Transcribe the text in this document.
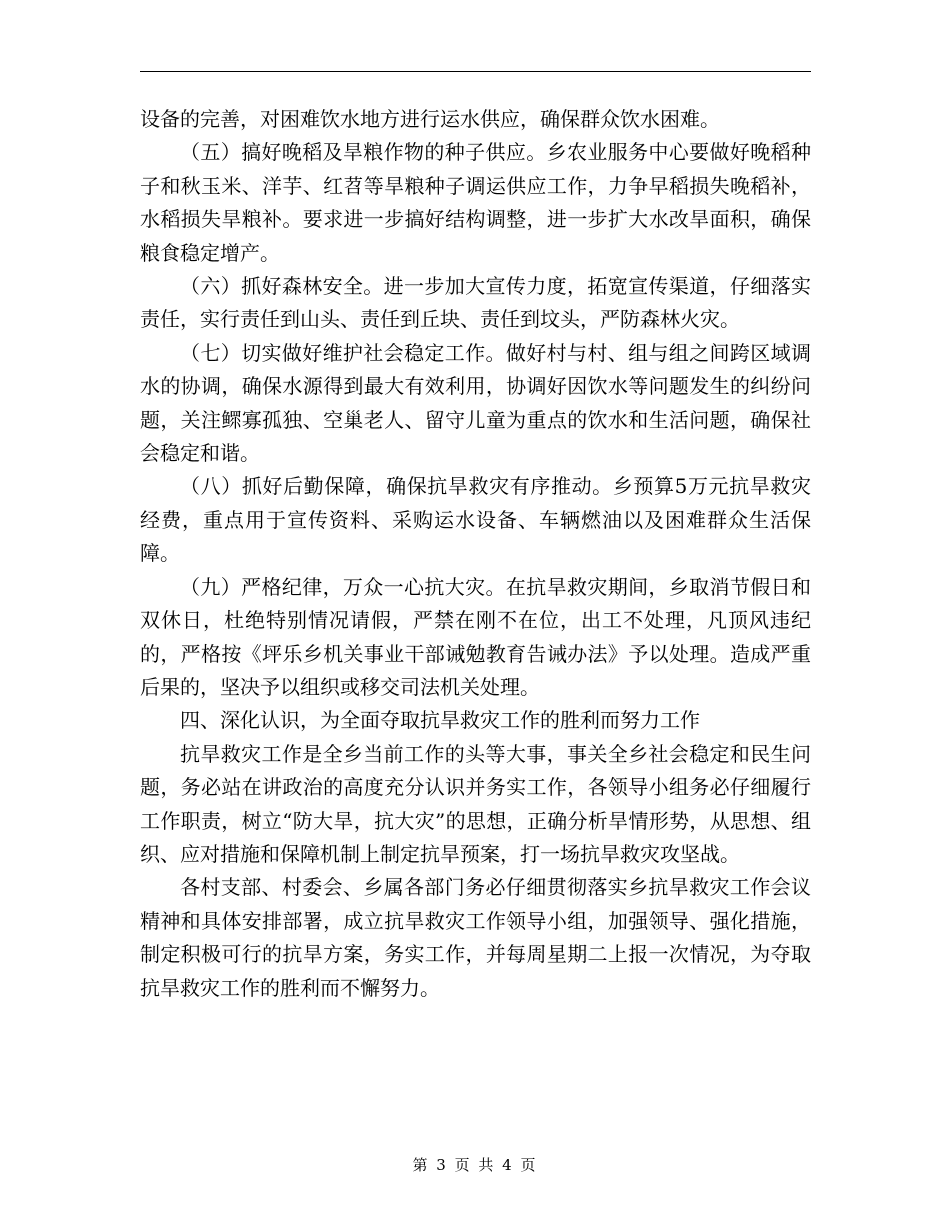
设备的完善，对困难饮水地方进行运水供应，确保群众饮水困难。

（五）搞好晚稻及旱粮作物的种子供应。乡农业服务中心要做好晚稻种子和秋玉米、洋芋、红苕等旱粮种子调运供应工作，力争早稻损失晚稻补，水稻损失旱粮补。要求进一步搞好结构调整，进一步扩大水改旱面积，确保粮食稳定增产。

（六）抓好森林安全。进一步加大宣传力度，拓宽宣传渠道，仔细落实责任，实行责任到山头、责任到丘块、责任到坟头，严防森林火灾。

（七）切实做好维护社会稳定工作。做好村与村、组与组之间跨区域调水的协调，确保水源得到最大有效利用，协调好因饮水等问题发生的纠纷问题，关注鳏寡孤独、空巢老人、留守儿童为重点的饮水和生活问题，确保社会稳定和谐。

（八）抓好后勤保障，确保抗旱救灾有序推动。乡预算5万元抗旱救灾经费，重点用于宣传资料、采购运水设备、车辆燃油以及困难群众生活保障。

（九）严格纪律，万众一心抗大灾。在抗旱救灾期间，乡取消节假日和双休日，杜绝特别情况请假，严禁在刚不在位，出工不处理，凡顶风违纪的，严格按《坪乐乡机关事业干部诫勉教育告诫办法》予以处理。造成严重后果的，坚决予以组织或移交司法机关处理。

四、深化认识，为全面夺取抗旱救灾工作的胜利而努力工作

抗旱救灾工作是全乡当前工作的头等大事，事关全乡社会稳定和民生问题，务必站在讲政治的高度充分认识并务实工作，各领导小组务必仔细履行工作职责，树立“防大旱，抗大灾”的思想，正确分析旱情形势，从思想、组织、应对措施和保障机制上制定抗旱预案，打一场抗旱救灾攻坚战。

各村支部、村委会、乡属各部门务必仔细贯彻落实乡抗旱救灾工作会议精神和具体安排部署，成立抗旱救灾工作领导小组，加强领导、强化措施，制定积极可行的抗旱方案，务实工作，并每周星期二上报一次情况，为夺取抗旱救灾工作的胜利而不懈努力。

第 3 页 共 4 页
